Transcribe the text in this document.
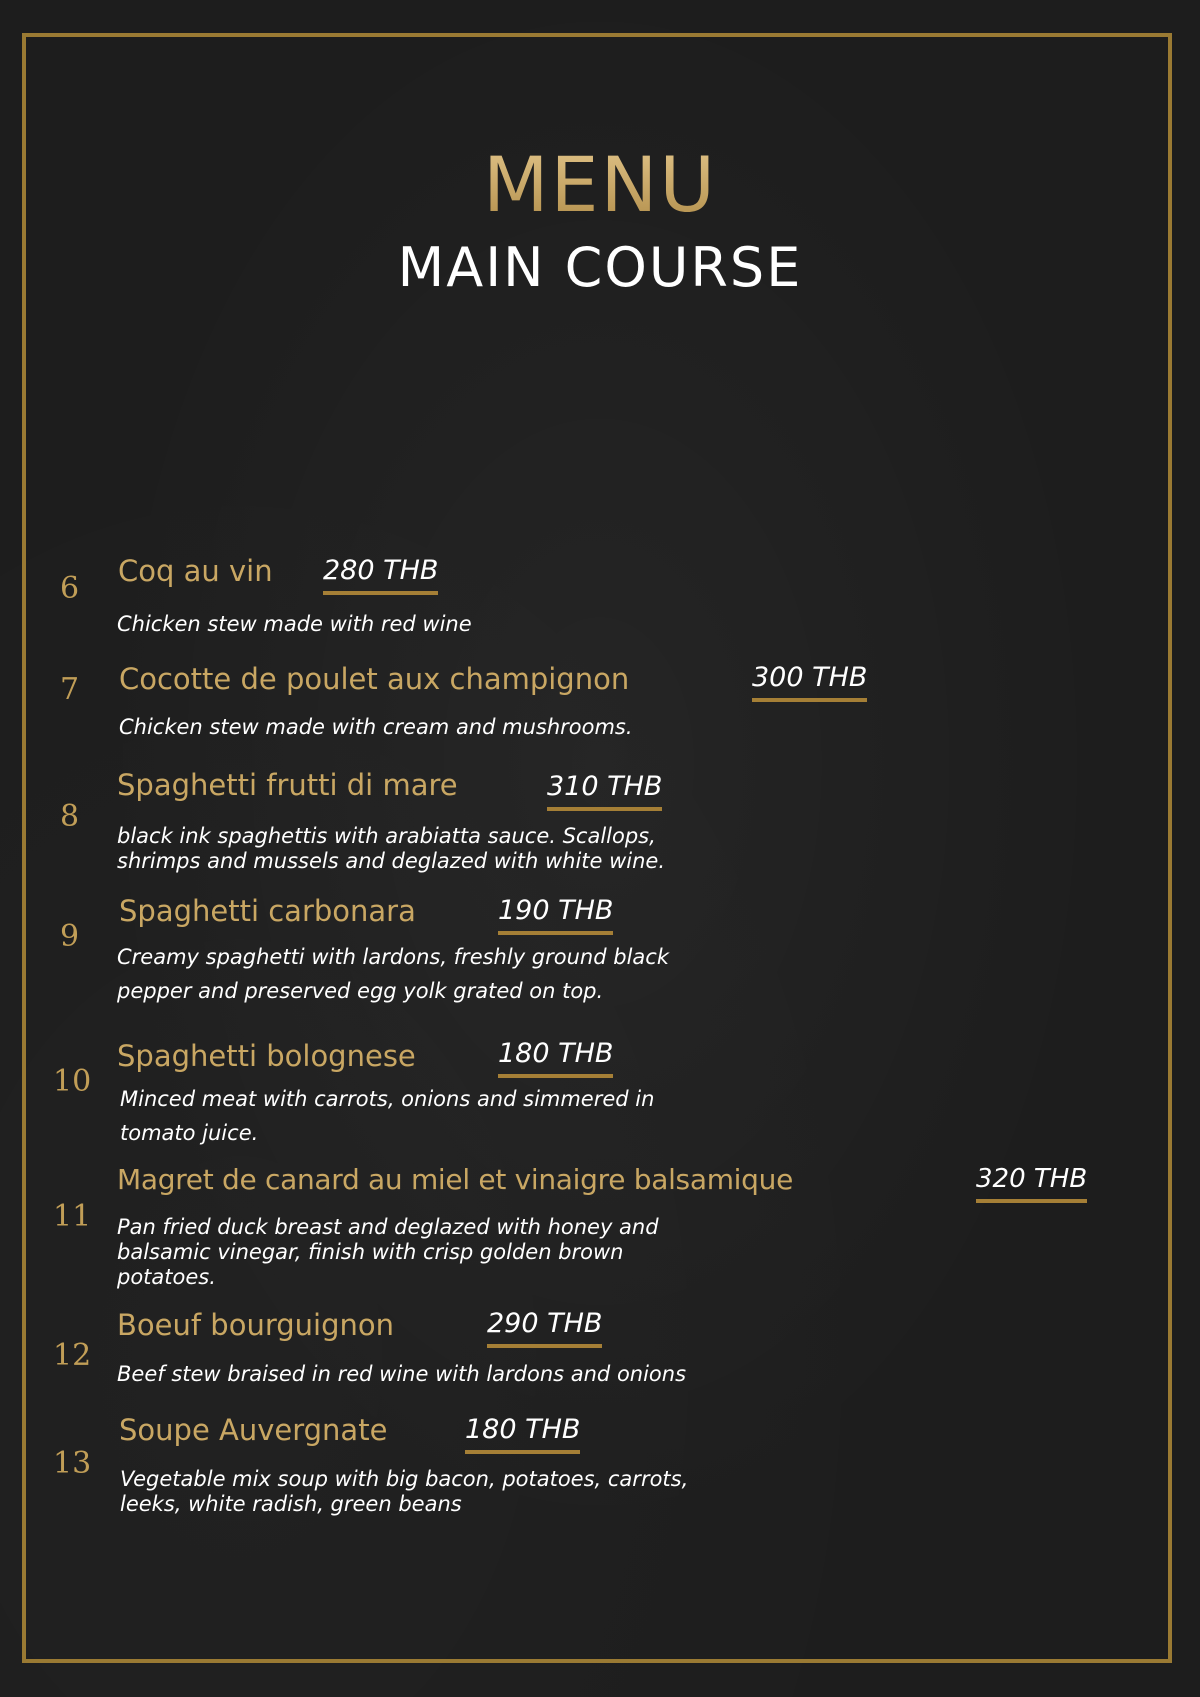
MENU
MAIN COURSE
6 Coq au vin 280 THB
Chicken stew made with red wine
7 Cocotte de poulet aux champignon	300 THB
Chicken stew made with cream and mushrooms.
8
Spaghetti frutti di mare	310 THB
black ink spaghettis with arabiatta sauce. Scallops,
shrimps and mussels and deglazed with white wine.
9
Spaghetti carbonara	190 THB
Creamy spaghetti with lardons, freshly ground black
pepper and preserved egg yolk grated on top.
10
Spaghetti bolognese	180 THB
Minced meat with carrots, onions and simmered in
tomato juice.
11
Magret de canard au miel et vinaigre balsamique	320 THB
Pan fried duck breast and deglazed with honey and
balsamic vinegar, finish with crisp golden brown
potatoes.
12
Boeuf bourguignon	290 THB
Beef stew braised in red wine with lardons and onions
13
Soupe Auvergnate	180 THB
Vegetable mix soup with big bacon, potatoes, carrots,
leeks, white radish, green beans
